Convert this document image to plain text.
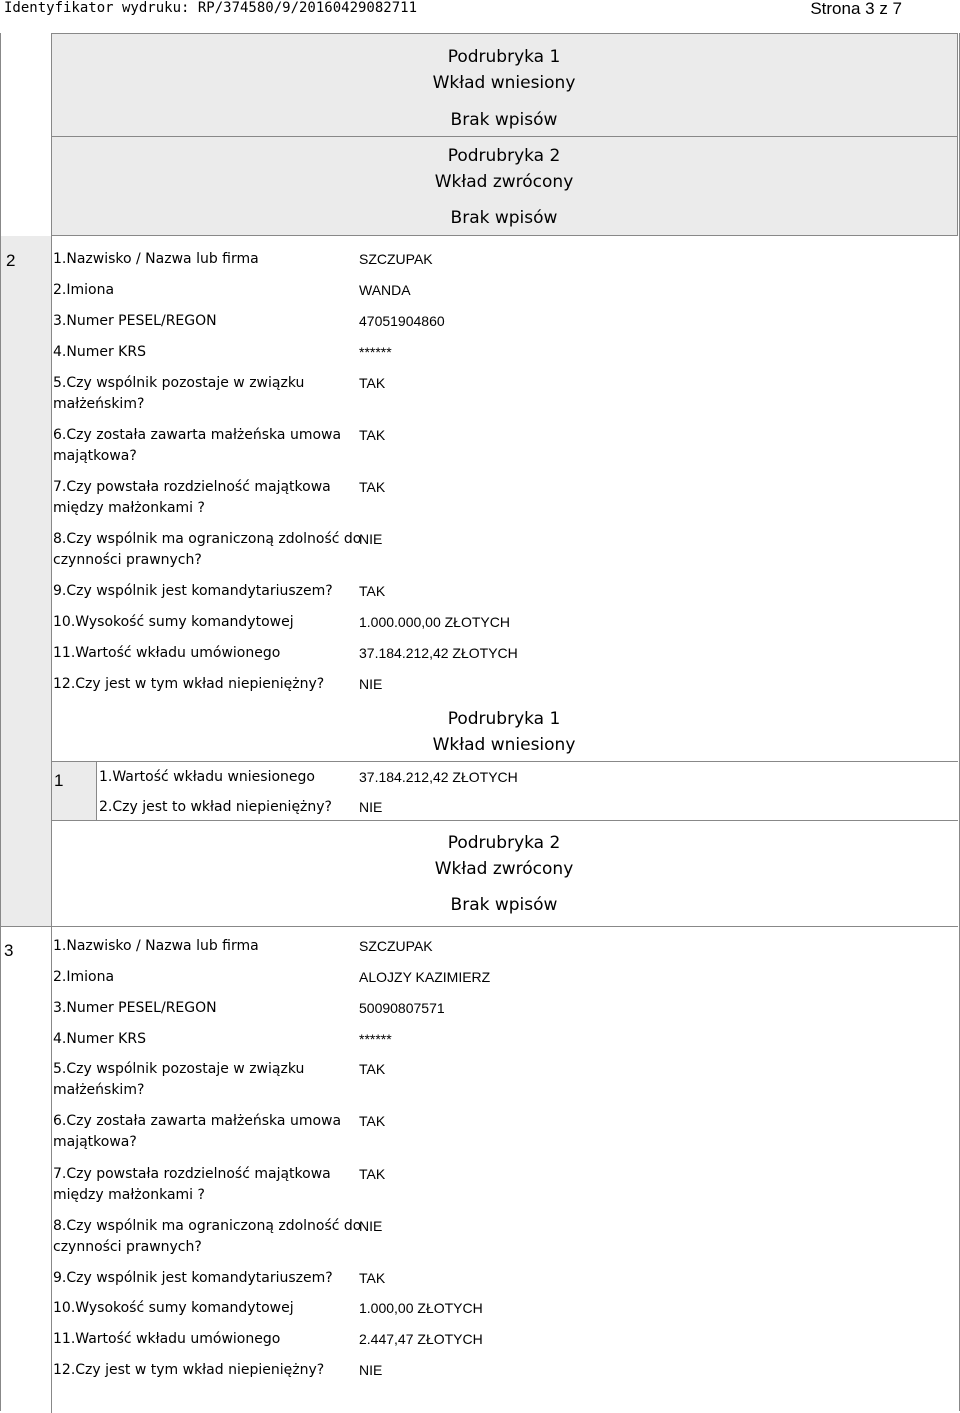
Identyfikator wydruku: RP/374580/9/20160429082711	Strona 3 z 7
Podrubryka 1
Wkład wniesiony
Brak wpisów
Podrubryka 2
Wkład zwrócony
Brak wpisów
2	1.Nazwisko / Nazwa lub firma	SZCZUPAK
2.Imiona	WANDA
3.Numer PESEL/REGON	47051904860
4.Numer KRS	******
5.Czy wspólnik pozostaje w związku
małżeńskim?
TAK
6.Czy została zawarta małżeńska umowa
majątkowa?
TAK
7.Czy powstała rozdzielność majątkowa
między małżonkami ?
TAK
8.Czy wspólnik ma ograniczoną zdolność do
czynności prawnych?
NIE
9.Czy wspólnik jest komandytariuszem? TAK
10.Wysokość sumy komandytowej	1.000.000,00 ZŁOTYCH
11.Wartość wkładu umówionego	37.184.212,42 ZŁOTYCH
12.Czy jest w tym wkład niepieniężny? NIE
Podrubryka 1
Wkład wniesiony
1	1.Wartość wkładu wniesionego	37.184.212,42 ZŁOTYCH
2.Czy jest to wkład niepieniężny? NIE
Podrubryka 2
Wkład zwrócony
Brak wpisów
3	1.Nazwisko / Nazwa lub firma	SZCZUPAK
2.Imiona	ALOJZY KAZIMIERZ
3.Numer PESEL/REGON	50090807571
4.Numer KRS	******
5.Czy wspólnik pozostaje w związku
małżeńskim?
TAK
6.Czy została zawarta małżeńska umowa
majątkowa?
TAK
7.Czy powstała rozdzielność majątkowa
między małżonkami ?
TAK
8.Czy wspólnik ma ograniczoną zdolność do
czynności prawnych?
NIE
9.Czy wspólnik jest komandytariuszem? TAK
10.Wysokość sumy komandytowej	1.000,00 ZŁOTYCH
11.Wartość wkładu umówionego	2.447,47 ZŁOTYCH
12.Czy jest w tym wkład niepieniężny? NIE
